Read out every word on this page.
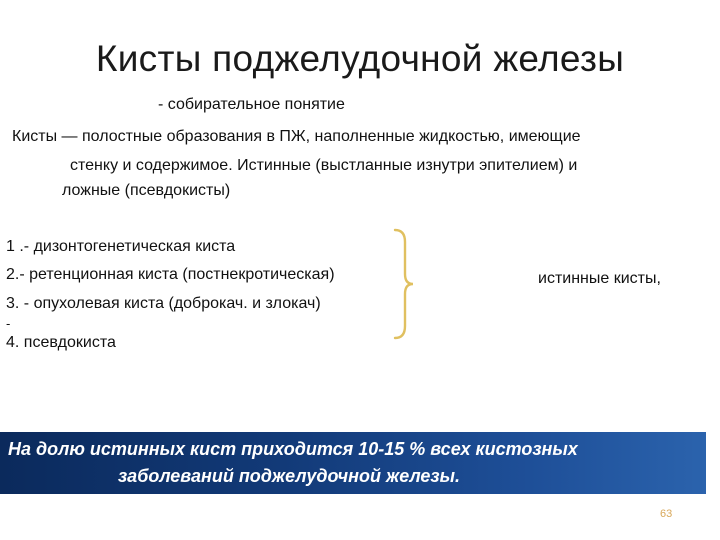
Кисты поджелудочной железы
- собирательное понятие
Кисты — полостные образования в ПЖ, наполненные жидкостью, имеющие
стенку и содержимое. Истинные (выстланные изнутри эпителием) и
ложные (псевдокисты)
1 .- дизонтогенетическая киста
2.- ретенционная киста (постнекротическая)
3. - опухолевая киста (доброкач. и злокач)
-
4. псевдокиста
истинные кисты,
На долю истинных кист приходится 10-15 % всех кистозных
заболеваний поджелудочной железы.
63
